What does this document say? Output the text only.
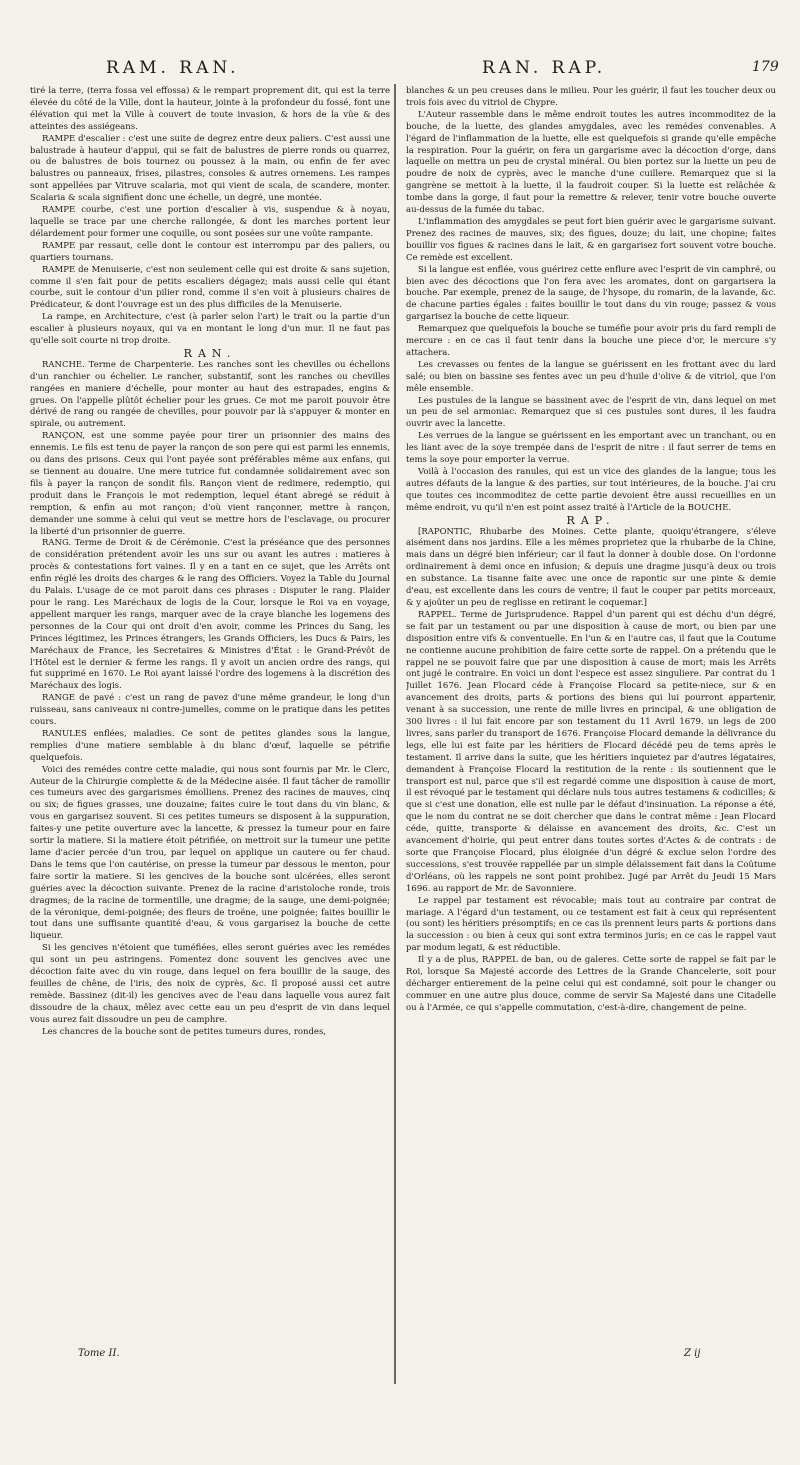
RAM. RAN.	RAN. RAP.	179

tiré la terre, (terra fossa vel effossa) & le rempart proprement dit, qui est la terre élevée du côté de la Ville, dont la hauteur, jointe à la profondeur du fossé, font une élévation qui met la Ville à couvert de toute invasion, & hors de la vûe & des atteintes des assiégeans.

RAMPE d'escalier : c'est une suite de degrez entre deux paliers. C'est aussi une balustrade à hauteur d'appui, qui se fait de balustres de pierre ronds ou quarrez, ou de balustres de bois tournez ou poussez à la main, ou enfin de fer avec balustres ou panneaux, frises, pilastres, consoles & autres ornemens. Les rampes sont appellées par Vitruve scalaria, mot qui vient de scala, de scandere, monter. Scalaria & scala signifient donc une échelle, un degré, une montée.

RAMPE courbe, c'est une portion d'escalier à vis, suspendue & à noyau, laquelle se trace par une cherche rallongée, & dont les marches portent leur délardement pour former une coquille, ou sont posées sur une voûte rampante.

RAMPE par ressaut, celle dont le contour est interrompu par des paliers, ou quartiers tournans.

RAMPE de Menuiserie, c'est non seulement celle qui est droite & sans sujetion, comme il s'en fait pour de petits escaliers dégagez; mais aussi celle qui étant courbe, suit le contour d'un pilier rond, comme il s'en voit à plusieurs chaires de Prédicateur, & dont l'ouvrage est un des plus difficiles de la Menuiserie.

La rampe, en Architecture, c'est (à parler selon l'art) le trait ou la partie d'un escalier à plusieurs noyaux, qui va en montant le long d'un mur. Il ne faut pas qu'elle soit courte ni trop droite.

RAN.

RANCHE. Terme de Charpenterie. Les ranches sont les chevilles ou échellons d'un ranchier ou échelier. Le rancher, substantif, sont les ranches ou chevilles rangées en maniere d'échelle, pour monter au haut des estrapades, engins & grues. On l'appelle plûtôt échelier pour les grues. Ce mot me paroit pouvoir être dérivé de rang ou rangée de chevilles, pour pouvoir par là s'appuyer & monter en spirale, ou autrement.

RANÇON, est une somme payée pour tirer un prisonnier des mains des ennemis. Le fils est tenu de payer la rançon de son pere qui est parmi les ennemis, ou dans des prisons. Ceux qui l'ont payée sont préférables même aux enfans, qui se tiennent au douaire. Une mere tutrice fut condamnée solidairement avec son fils à payer la rançon de sondit fils. Rançon vient de redimere, redemptio, qui produit dans le François le mot redemption, lequel étant abregé se réduit à remption, & enfin au mot rançon; d'où vient rançonner, mettre à rançon, demander une somme à celui qui veut se mettre hors de l'esclavage, ou procurer la liberté d'un prisonnier de guerre.

RANG. Terme de Droit & de Cérémonie. C'est la préséance que des personnes de considération prétendent avoir les uns sur ou avant les autres : matieres à procès & contestations fort vaines. Il y en a tant en ce sujet, que les Arrêts ont enfin réglé les droits des charges & le rang des Officiers. Voyez la Table du Journal du Palais. L'usage de ce mot paroit dans ces phrases : Disputer le rang. Plaider pour le rang. Les Maréchaux de logis de la Cour, lorsque le Roi va en voyage, appellent marquer les rangs, marquer avec de la craye blanche les logemens des personnes de la Cour qui ont droit d'en avoir, comme les Princes du Sang, les Princes légitimez, les Princes étrangers, les Grands Officiers, les Ducs & Pairs, les Maréchaux de France, les Secretaires & Ministres d'État : le Grand-Prévôt de l'Hôtel est le dernier & ferme les rangs. Il y avoit un ancien ordre des rangs, qui fut supprimé en 1670. Le Roi ayant laissé l'ordre des logemens à la discrétion des Maréchaux des logis.

RANGE de pavé : c'est un rang de pavez d'une même grandeur, le long d'un ruisseau, sans caniveaux ni contre-jumelles, comme on le pratique dans les petites cours.

RANULES enflées, maladies. Ce sont de petites glandes sous la langue, remplies d'une matiere semblable à du blanc d'œuf, laquelle se pétrifie quelquefois.

Voici des remédes contre cette maladie, qui nous sont fournis par Mr. le Clerc, Auteur de la Chirurgie complette & de la Médecine aisée. Il faut tâcher de ramollir ces tumeurs avec des gargarismes émolliens. Prenez des racines de mauves, cinq ou six; de figues grasses, une douzaine; faites cuire le tout dans du vin blanc, & vous en gargarisez souvent. Si ces petites tumeurs se disposent à la suppuration, faites-y une petite ouverture avec la lancette, & pressez la tumeur pour en faire sortir la matiere. Si la matiere étoit pétrifiée, on mettroit sur la tumeur une petite lame d'acier percée d'un trou, par lequel on applique un cautere ou fer chaud. Dans le tems que l'on cautérise, on presse la tumeur par dessous le menton, pour faire sortir la matiere. Si les gencives de la bouche sont ulcérées, elles seront guéries avec la décoction suivante. Prenez de la racine d'aristoloche ronde, trois dragmes; de la racine de tormentille, une dragme; de la sauge, une demi-poignée; de la véronique, demi-poignée; des fleurs de troëne, une poignée; faites bouillir le tout dans une suffisante quantité d'eau, & vous gargarisez la bouche de cette liqueur.

Si les gencives n'étoient que tuméfiées, elles seront guéries avec les remédes qui sont un peu astringens. Fomentez donc souvent les gencives avec une décoction faite avec du vin rouge, dans lequel on fera bouillir de la sauge, des feuilles de chêne, de l'iris, des noix de cyprès, &c. Il proposé aussi cet autre remède. Bassinez (dit-il) les gencives avec de l'eau dans laquelle vous aurez fait dissoudre de la chaux, mêlez avec cette eau un peu d'esprit de vin dans lequel vous aurez fait dissoudre un peu de camphre.

Les chancres de la bouche sont de petites tumeurs dures, rondes,

blanches & un peu creuses dans le milieu. Pour les guérir, il faut les toucher deux ou trois fois avec du vitriol de Chypre.

L'Auteur rassemble dans le même endroit toutes les autres incommoditez de la bouche, de la luette, des glandes amygdales, avec les remédes convenables. A l'égard de l'inflammation de la luette, elle est quelquefois si grande qu'elle empêche la respiration. Pour la guérir, on fera un gargarisme avec la décoction d'orge, dans laquelle on mettra un peu de crystal minéral. Ou bien portez sur la luette un peu de poudre de noix de cyprès, avec le manche d'une cuillere. Remarquez que si la gangrène se mettoit à la luette, il la faudroit couper. Si la luette est relâchée & tombe dans la gorge, il faut pour la remettre & relever, tenir votre bouche ouverte au-dessus de la fumée du tabac.

L'inflammation des amygdales se peut fort bien guérir avec le gargarisme suivant. Prenez des racines de mauves, six; des figues, douze; du lait, une chopine; faites bouillir vos figues & racines dans le lait, & en gargarisez fort souvent votre bouche. Ce remède est excellent.

Si la langue est enflée, vous guérirez cette enflure avec l'esprit de vin camphré, ou bien avec des décoctions que l'on fera avec les aromates, dont on gargarisera la bouche. Par exemple, prenez de la sauge, de l'hysope, du romarin, de la lavande, &c. de chacune parties égales : faites bouillir le tout dans du vin rouge; passez & vous gargarisez la bouche de cette liqueur.

Remarquez que quelquefois la bouche se tuméfie pour avoir pris du fard rempli de mercure : en ce cas il faut tenir dans la bouche une piece d'or, le mercure s'y attachera.

Les crevasses ou fentes de la langue se guérissent en les frottant avec du lard salé; ou bien on bassine ses fentes avec un peu d'huile d'olive & de vitriol, que l'on mêle ensemble.

Les pustules de la langue se bassinent avec de l'esprit de vin, dans lequel on met un peu de sel armoniac. Remarquez que si ces pustules sont dures, il les faudra ouvrir avec la lancette.

Les verrues de la langue se guérissent en les emportant avec un tranchant, ou en les liant avec de la soye trempée dans de l'esprit de nitre : il faut serrer de tems en tems la soye pour emporter la verrue.

Voilà à l'occasion des ranules, qui est un vice des glandes de la langue; tous les autres défauts de la langue & des parties, sur tout intérieures, de la bouche. J'ai cru que toutes ces incommoditez de cette partie devoient être aussi recueillies en un même endroit, vu qu'il n'en est point assez traité à l'Article de la BOUCHE.

RAP.

[RAPONTIC, Rhubarbe des Moines. Cette plante, quoiqu'étrangere, s'éleve aisément dans nos jardins. Elle a les mêmes proprietez que la rhubarbe de la Chine, mais dans un dégré bien inférieur; car il faut la donner à double dose. On l'ordonne ordinairement à demi once en infusion; & depuis une dragme jusqu'à deux ou trois en substance. La tisanne faite avec une once de rapontic sur une pinte & demie d'eau, est excellente dans les cours de ventre; il faut le couper par petits morceaux, & y ajoûter un peu de reglisse en retirant le coquemar.]

RAPPEL. Terme de Jurisprudence. Rappel d'un parent qui est déchu d'un dégré, se fait par un testament ou par une disposition à cause de mort, ou bien par une disposition entre vifs & conventuelle. En l'un & en l'autre cas, il faut que la Coutume ne contienne aucune prohibition de faire cette sorte de rappel. On a prétendu que le rappel ne se pouvoit faire que par une disposition à cause de mort; mais les Arrêts ont jugé le contraire. En voici un dont l'espece est assez singuliere. Par contrat du 1 Juillet 1676. Jean Flocard céde à Françoise Flocard sa petite-niece, sur & en avancement des droits, parts & portions des biens qui lui pourront appartenir, venant à sa succession, une rente de mille livres en principal, & une obligation de 300 livres : il lui fait encore par son testament du 11 Avril 1679. un legs de 200 livres, sans parler du transport de 1676. Françoise Flocard demande la délivrance du legs, elle lui est faite par les héritiers de Flocard décédé peu de tems après le testament. Il arrive dans la suite, que les héritiers inquietez par d'autres légataires, demandent à Françoise Flocard la restitution de la rente : ils soutiennent que le transport est nul, parce que s'il est regardé comme une disposition à cause de mort, il est révoqué par le testament qui déclare nuls tous autres testamens & codicilles; & que si c'est une donation, elle est nulle par le défaut d'insinuation. La réponse a été, que le nom du contrat ne se doit chercher que dans le contrat même : Jean Flocard céde, quitte, transporte & délaisse en avancement des droits, &c. C'est un avancement d'hoirie, qui peut entrer dans toutes sortes d'Actes & de contrats : de sorte que Françoise Flocard, plus éloignée d'un dégré & exclue selon l'ordre des successions, s'est trouvée rappellée par un simple délaissement fait dans la Coûtume d'Orléans, où les rappels ne sont point prohibez. Jugé par Arrêt du Jeudi 15 Mars 1696. au rapport de Mr. de Savonniere.

Le rappel par testament est révocable; mais tout au contraire par contrat de mariage. A l'égard d'un testament, ou ce testament est fait à ceux qui représentent (ou sont) les héritiers présomptifs; en ce cas ils prennent leurs parts & portions dans la succession : ou bien à ceux qui sont extra terminos juris; en ce cas le rappel vaut par modum legati, & est réductible.

Il y a de plus, RAPPEL de ban, ou de galeres. Cette sorte de rappel se fait par le Roi, lorsque Sa Majesté accorde des Lettres de la Grande Chancelerie, soit pour décharger entierement de la peine celui qui est condamné, soit pour le changer ou commuer en une autre plus douce, comme de servir Sa Majesté dans une Citadelle ou à l'Armée, ce qui s'appelle commutation, c'est-à-dire, changement de peine.

Tome II.	Z ij
